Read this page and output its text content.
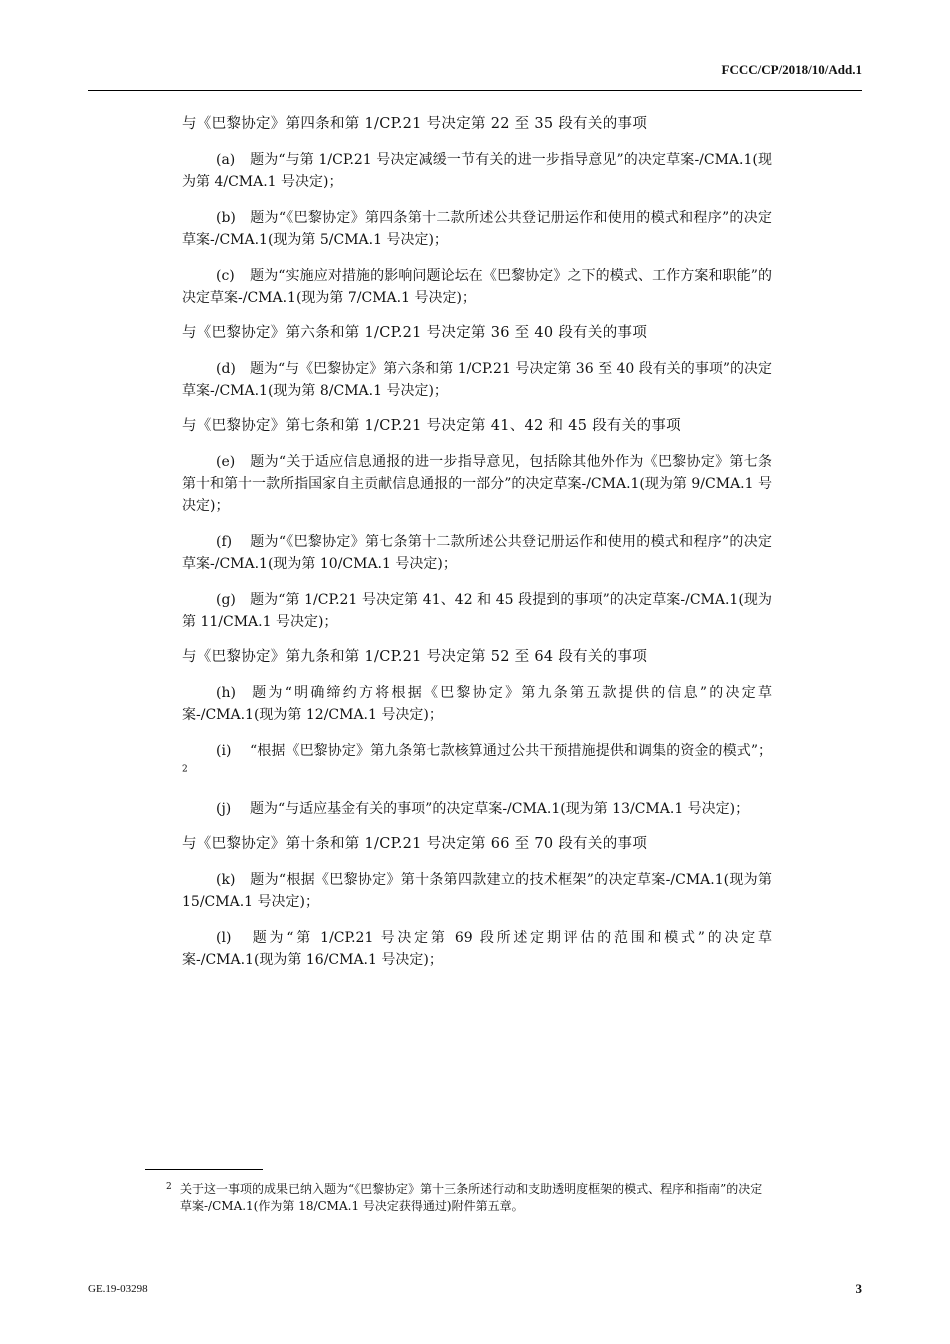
FCCC/CP/2018/10/Add.1
与《巴黎协定》第四条和第 1/CP.21 号决定第 22 至 35 段有关的事项

(a) 题为“与第 1/CP.21 号决定减缓一节有关的进一步指导意见”的决定草案-/CMA.1(现为第 4/CMA.1 号决定)；

(b) 题为“《巴黎协定》第四条第十二款所述公共登记册运作和使用的模式和程序”的决定草案-/CMA.1(现为第 5/CMA.1 号决定)；

(c) 题为“实施应对措施的影响问题论坛在《巴黎协定》之下的模式、工作方案和职能”的决定草案-/CMA.1(现为第 7/CMA.1 号决定)；

与《巴黎协定》第六条和第 1/CP.21 号决定第 36 至 40 段有关的事项

(d) 题为“与《巴黎协定》第六条和第 1/CP.21 号决定第 36 至 40 段有关的事项”的决定草案-/CMA.1(现为第 8/CMA.1 号决定)；

与《巴黎协定》第七条和第 1/CP.21 号决定第 41、42 和 45 段有关的事项

(e) 题为“关于适应信息通报的进一步指导意见，包括除其他外作为《巴黎协定》第七条第十和第十一款所指国家自主贡献信息通报的一部分”的决定草案-/CMA.1(现为第 9/CMA.1 号决定)；

(f) 题为“《巴黎协定》第七条第十二款所述公共登记册运作和使用的模式和程序”的决定草案-/CMA.1(现为第 10/CMA.1 号决定)；

(g) 题为“第 1/CP.21 号决定第 41、42 和 45 段提到的事项”的决定草案-/CMA.1(现为第 11/CMA.1 号决定)；

与《巴黎协定》第九条和第 1/CP.21 号决定第 52 至 64 段有关的事项

(h) 题为“明确缔约方将根据《巴黎协定》第九条第五款提供的信息”的决定草案-/CMA.1(现为第 12/CMA.1 号决定)；

(i) “根据《巴黎协定》第九条第七款核算通过公共干预措施提供和调集的资金的模式”；$^2$

(j) 题为“与适应基金有关的事项”的决定草案-/CMA.1(现为第 13/CMA.1 号决定)；

与《巴黎协定》第十条和第 1/CP.21 号决定第 66 至 70 段有关的事项

(k) 题为“根据《巴黎协定》第十条第四款建立的技术框架”的决定草案-/CMA.1(现为第 15/CMA.1 号决定)；

(l) 题为“第 1/CP.21 号决定第 69 段所述定期评估的范围和模式”的决定草案-/CMA.1(现为第 16/CMA.1 号决定)；

2 关于这一事项的成果已纳入题为“《巴黎协定》第十三条所述行动和支助透明度框架的模式、程序和指南”的决定草案-/CMA.1(作为第 18/CMA.1 号决定获得通过)附件第五章。
GE.19-03298	3
